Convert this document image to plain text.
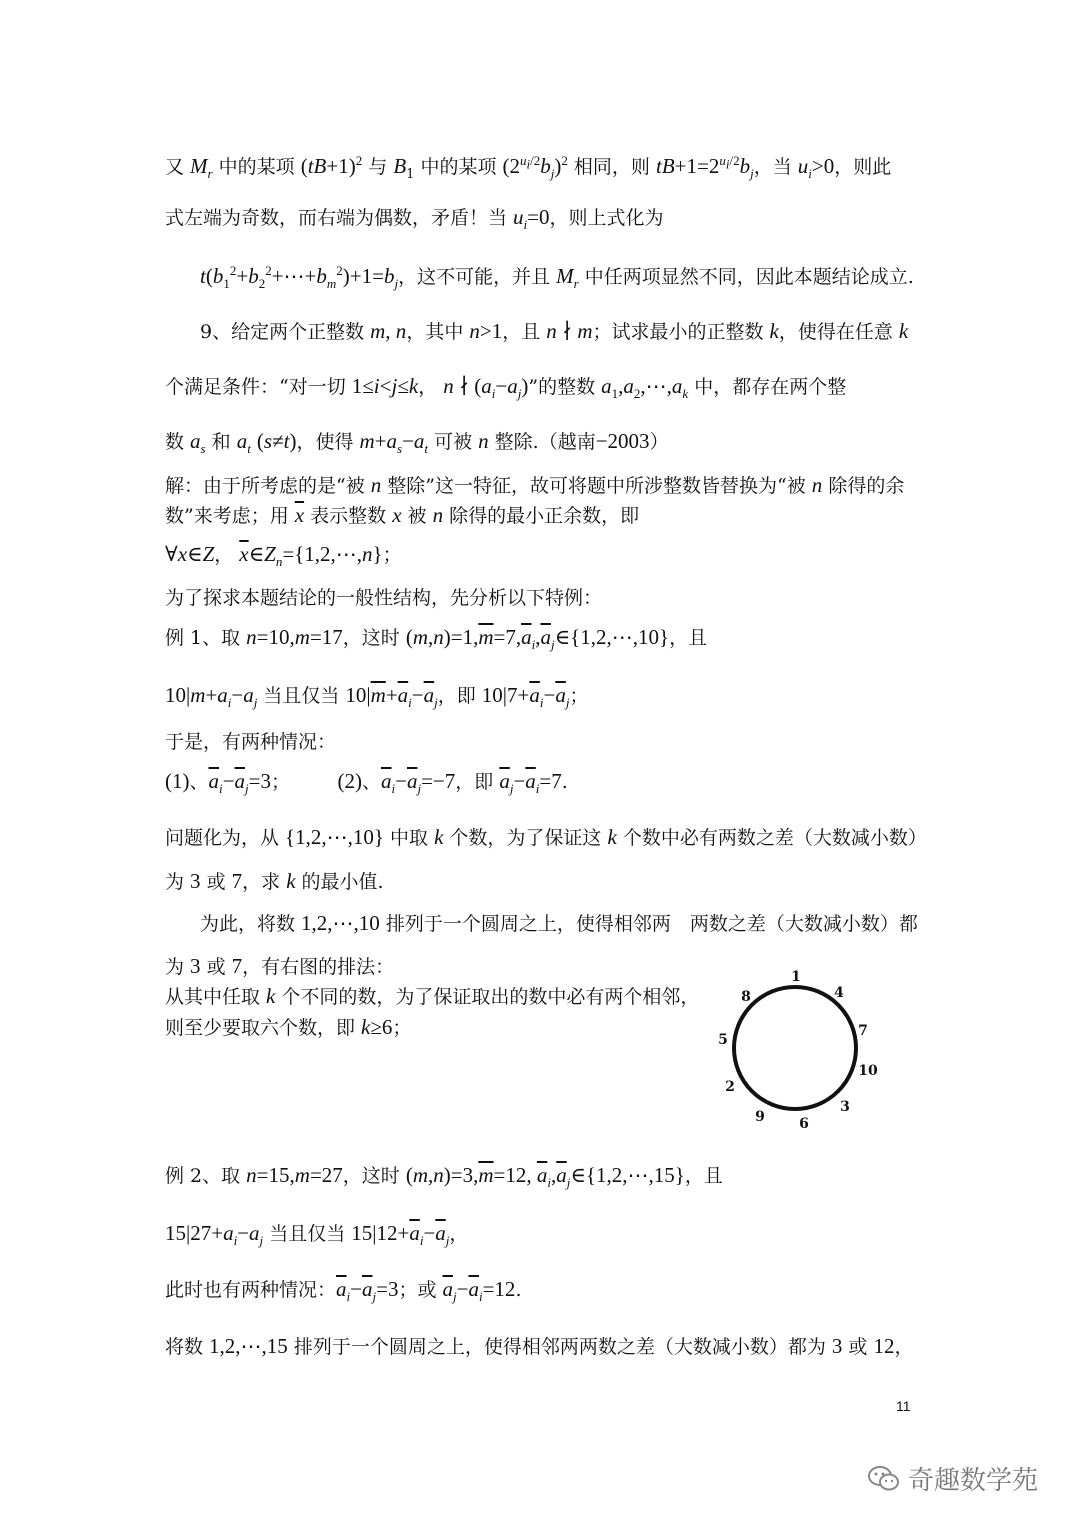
又 $M_r$ 中的某项 $(tB+1)^2$ 与 $B_1$ 中的某项 $(2^{u_i/2}b_j)^2$ 相同，则 $tB+1=2^{u_i/2}b_j$，当 $u_i>0$，则此
式左端为奇数，而右端为偶数，矛盾！当 $u_i=0$，则上式化为
$t(b_1^2+b_2^2+\cdots+b_m^2)+1=b_j$，这不可能，并且 $M_r$ 中任两项显然不同，因此本题结论成立.
9、给定两个正整数 m, n，其中 n>1，且 n ∤ m；试求最小的正整数 k，使得在任意 k
个满足条件：“对一切 1≤i<j≤k， n ∤ $(a_i-a_j)$”的整数 $a_1,a_2,\cdots,a_k$ 中，都存在两个整
数 $a_s$ 和 $a_t$ (s≠t)，使得 $m+a_s-a_t$ 可被 n 整除.（越南−2003）
解：由于所考虑的是“被 n 整除”这一特征，故可将题中所涉整数皆替换为“被 n 除得的余
数”来考虑；用 $\overline{x}$ 表示整数 x 被 n 除得的最小正余数，即
∀x∈Z， $\overline{x}\in Z_n=\{1,2,\cdots,n\}$；
为了探求本题结论的一般性结构，先分析以下特例：
例 1、取 n=10,m=17，这时 $(m,n)=1,\overline{m}=7,\overline{a}_i,\overline{a}_j\in\{1,2,\cdots,10\}$，且
$10|m+a_i-a_j$ 当且仅当 $10|\overline{m}+\overline{a}_i-\overline{a}_j$，即 $10|7+\overline{a}_i-\overline{a}_j$；
于是，有两种情况：
(1)、$\overline{a}_i-\overline{a}_j=3$；　　　(2)、$\overline{a}_i-\overline{a}_j=-7$，即 $\overline{a}_j-\overline{a}_i=7$.
问题化为，从 {1,2,⋯,10} 中取 k 个数，为了保证这 k 个数中必有两数之差（大数减小数）
为 3 或 7，求 k 的最小值.
为此，将数 1,2,⋯,10 排列于一个圆周之上，使得相邻两　两数之差（大数减小数）都
为 3 或 7，有右图的排法：
从其中任取 k 个不同的数，为了保证取出的数中必有两个相邻，
则至少要取六个数，即 k≥6；
1
4
7
10
3
6
9
2
5
8
例 2、取 n=15,m=27，这时 $(m,n)=3,\overline{m}=12$, $\overline{a}_i,\overline{a}_j\in\{1,2,\cdots,15\}$，且
$15|27+a_i-a_j$ 当且仅当 $15|12+\overline{a}_i-\overline{a}_j$，
此时也有两种情况：$\overline{a}_i-\overline{a}_j=3$；或 $\overline{a}_j-\overline{a}_i=12$.
将数 1,2,⋯,15 排列于一个圆周之上，使得相邻两两数之差（大数减小数）都为 3 或 12，
11
奇趣数学苑
